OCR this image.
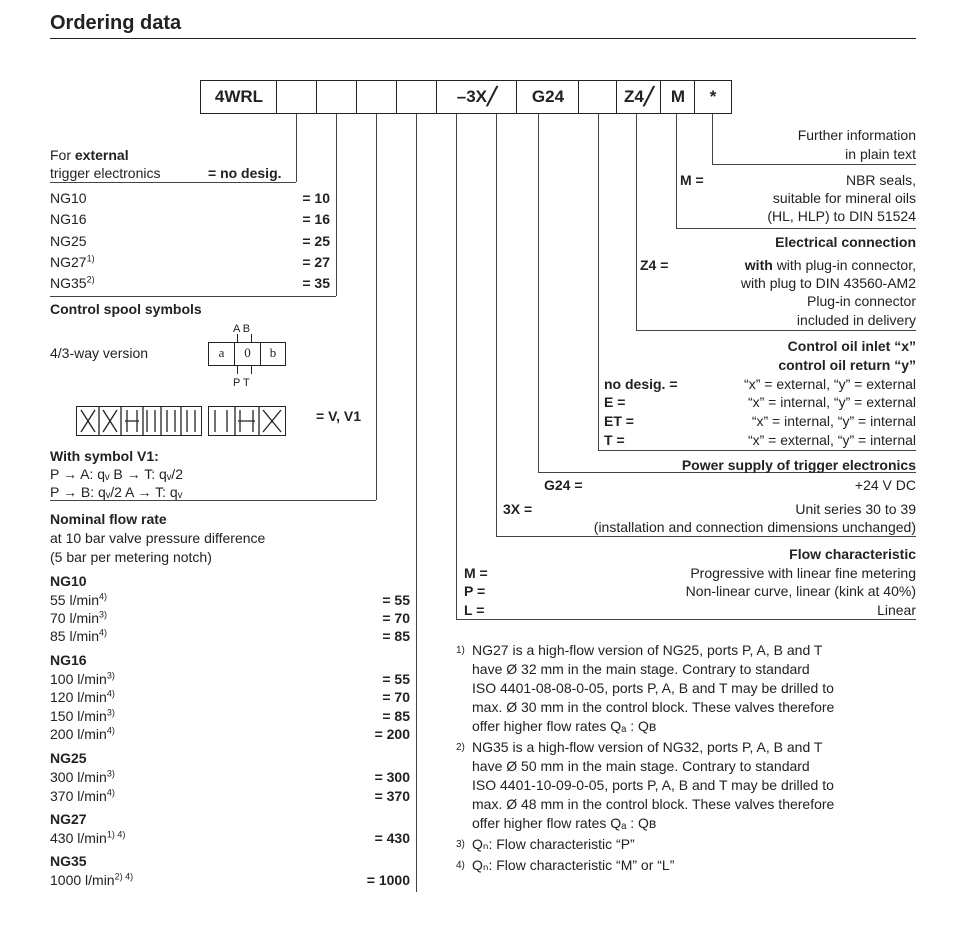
Ordering data
4WRL	–3X╱	G24	Z4╱ M	*
For external
trigger electronics	= no desig.
NG10	= 10
NG16	= 16
NG25	= 25
$NG27^{1)}$	= 27
$NG35^{2)}$	= 35
Control spool symbols
4/3-way version
A B
a	0	b
P T
= V, V1
With symbol V1:
P → A: qᵥ B → T: qᵥ/2
P → B: qᵥ/2 A → T: qᵥ
Nominal flow rate
at 10 bar valve pressure difference
(5 bar per metering notch)
NG10
55 $l/\min^{4)}$	= 55
70 $l/\min^{3)}$	= 70
85 $l/\min^{4)}$	= 85
NG16
100 $l/\min^{3)}$	= 55
120 $l/\min^{4)}$	= 70
150 $l/\min^{3)}$	= 85
200 $l/\min^{4)}$	= 200
NG25
300 $l/\min^{3)}$	= 300
370 $l/\min^{4)}$	= 370
NG27
430 $l/\min^{1) 4)}$	= 430
NG35
1000 $l/\min^{2) 4)}$	= 1000
Further information
in plain text
M =	NBR seals,
suitable for mineral oils
(HL, HLP) to DIN 51524
Electrical connection
Z4 =	with with plug-in connector,
with plug to DIN 43560-AM2
Plug-in connector
included in delivery
Control oil inlet “x”
control oil return “y”
no desig. =	“x” = external, “y” = external
E =	“x” = internal, “y” = external
ET =	“x” = internal, “y” = internal
T =	“x” = external, “y” = internal
Power supply of trigger electronics
G24 =	+24 V DC
3X =	Unit series 30 to 39
(installation and connection dimensions unchanged)
Flow characteristic
M =	Progressive with linear fine metering
P =	Non-linear curve, linear (kink at 40%)
L =	Linear
1) NG27 is a high-flow version of NG25, ports P, A, B and T
have Ø 32 mm in the main stage. Contrary to standard
ISO 4401-08-08-0-05, ports P, A, B and T may be drilled to
max. Ø 30 mm in the control block. These valves therefore
offer higher flow rates Qₐ : Qʙ
2) NG35 is a high-flow version of NG32, ports P, A, B and T
have Ø 50 mm in the main stage. Contrary to standard
ISO 4401-10-09-0-05, ports P, A, B and T may be drilled to
max. Ø 48 mm in the control block. These valves therefore
offer higher flow rates Qₐ : Qʙ
3) Qₙ: Flow characteristic “P”
4) Qₙ: Flow characteristic “M” or “L”
